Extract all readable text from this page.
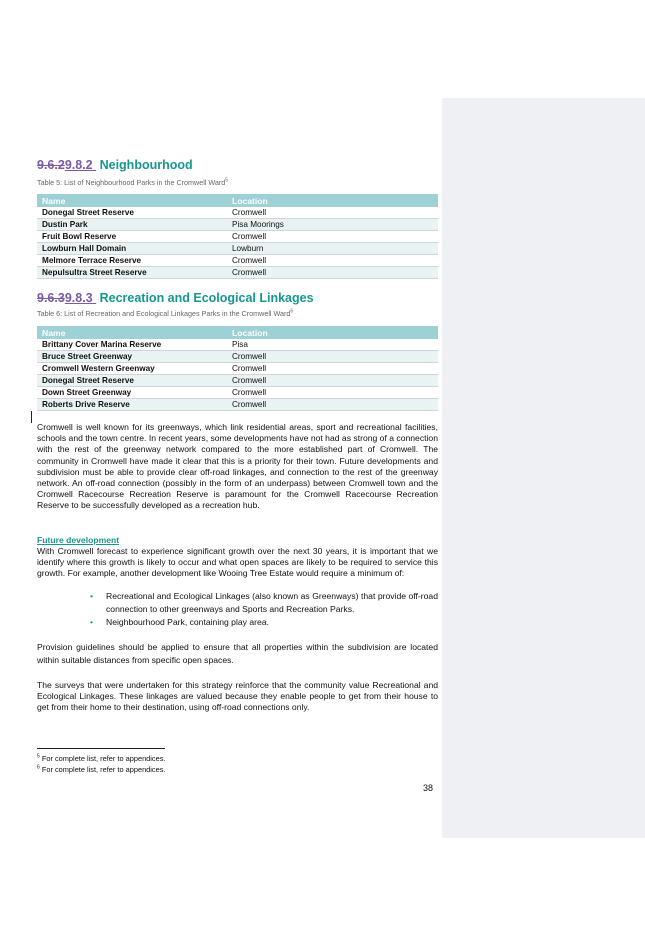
9.6.29.8.2 Neighbourhood
Table 5: List of Neighbourhood Parks in the Cromwell Ward$^5$
Name	Location
Donegal Street Reserve	Cromwell
Dustin Park	Pisa Moorings
Fruit Bowl Reserve	Cromwell
Lowburn Hall Domain	Lowburn
Melmore Terrace Reserve	Cromwell
Nepulsultra Street Reserve	Cromwell
9.6.39.8.3 Recreation and Ecological Linkages
Table 6: List of Recreation and Ecological Linkages Parks in the Cromwell Ward$^6$
Name	Location
Brittany Cover Marina Reserve	Pisa
Bruce Street Greenway	Cromwell
Cromwell Western Greenway	Cromwell
Donegal Street Reserve	Cromwell
Down Street Greenway	Cromwell
Roberts Drive Reserve	Cromwell
Cromwell is well known for its greenways, which link residential areas, sport and recreational facilities, schools and the town centre. In recent years, some developments have not had as strong of a connection with the rest of the greenway network compared to the more established part of Cromwell. The community in Cromwell have made it clear that this is a priority for their town. Future developments and subdivision must be able to provide clear off-road linkages, and connection to the rest of the greenway network. An off-road connection (possibly in the form of an underpass) between Cromwell town and the Cromwell Racecourse Recreation Reserve is paramount for the Cromwell Racecourse Recreation Reserve to be successfully developed as a recreation hub.
Future development
With Cromwell forecast to experience significant growth over the next 30 years, it is important that we identify where this growth is likely to occur and what open spaces are likely to be required to service this growth. For example, another development like Wooing Tree Estate would require a minimum of:
• Recreational and Ecological Linkages (also known as Greenways) that provide off-road connection to other greenways and Sports and Recreation Parks.
• Neighbourhood Park, containing play area.
Provision guidelines should be applied to ensure that all properties within the subdivision are located within suitable distances from specific open spaces.
The surveys that were undertaken for this strategy reinforce that the community value Recreational and Ecological Linkages. These linkages are valued because they enable people to get from their house to get from their home to their destination, using off-road connections only.
$^5$ For complete list, refer to appendices.
$^6$ For complete list, refer to appendices.
38
